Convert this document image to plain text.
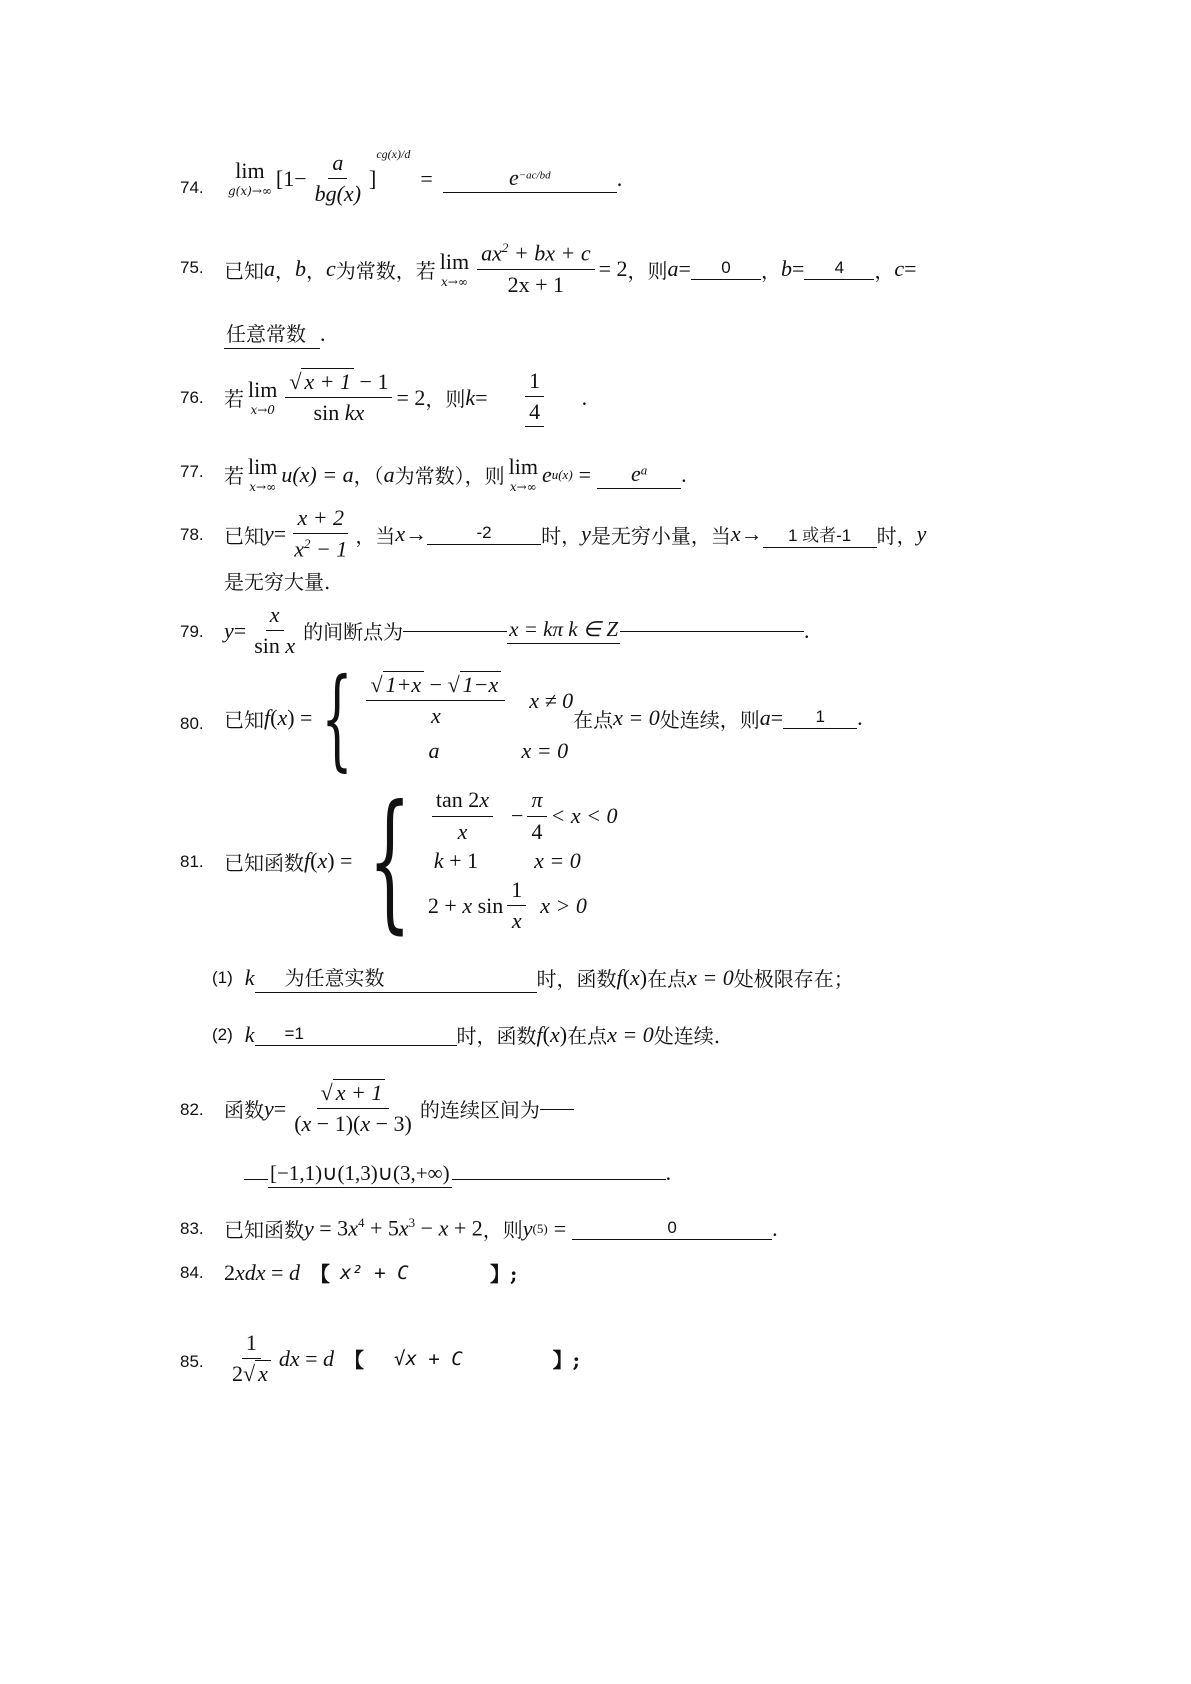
74.
lim
g(x)→∞
[$1- \frac{a}{bg(x)}$ ]
cg(x)/d
=	$e^{-ac/bd}$	.
75. 已知 a ， b ， c 为常数，若 lim
$x\to\infty \frac{ax^2 + bx + c}{2x + 1} = 2$ ，则 a =	0	， b =	4	， c =
任意常数 .
76. 若 lim
$x\to 0 \frac{√ x + 1 - 1}{\text{sin kx}} = 2$ ，则 $k = \frac{1}{4}$ .
77. 若 lim
x→∞
u(x) = a ，（ a 为常数），则 lim
x→∞
e u(x) =	$e^a$	.
78. 已知 $y = \frac{x + 2}{x^2 - 1}$ ，当 x →	-2	时， y 是无穷小量，当 x →	1 或者-1	时， y
是无穷大量.
79. $y = \frac{x}{\text{sin x}}$ 的间断点为	x = kπ k ∈ Z	.
80. 已知 f ( x ) = { $\frac{√ 1+x - √ 1-x}{x}$ x ≠ 0
a	x = 0
在点 x = 0 处连续，则 a =	1	.
81. 已知函数 f ( x ) = { $\frac{\tan 2x}{x} - \frac{\pi}{4} < x < 0$
k + 1	x = 0
2 + x $\sin \frac{1}{x}$ x > 0
(1) k	为任意实数	时，函数 f ( x ) 在点 x = 0 处极限存在；
(2) k	=1	时，函数 f ( x ) 在点 x = 0 处连续.
82. 函数 $y = \frac{√ x + 1}{(x - 1)(x - 3)}$ 的连续区间为
[−1,1)∪(1,3)∪(3,+∞)	.
83. 已知函数 $y = 3x^4 + 5x^3 - x + 2$ ，则 y (5) =	0	.
84. 2xdx = d 【 x² + C	】;
85. $\frac{1}{2√ x}$ dx = d 【 √x + C	】;
